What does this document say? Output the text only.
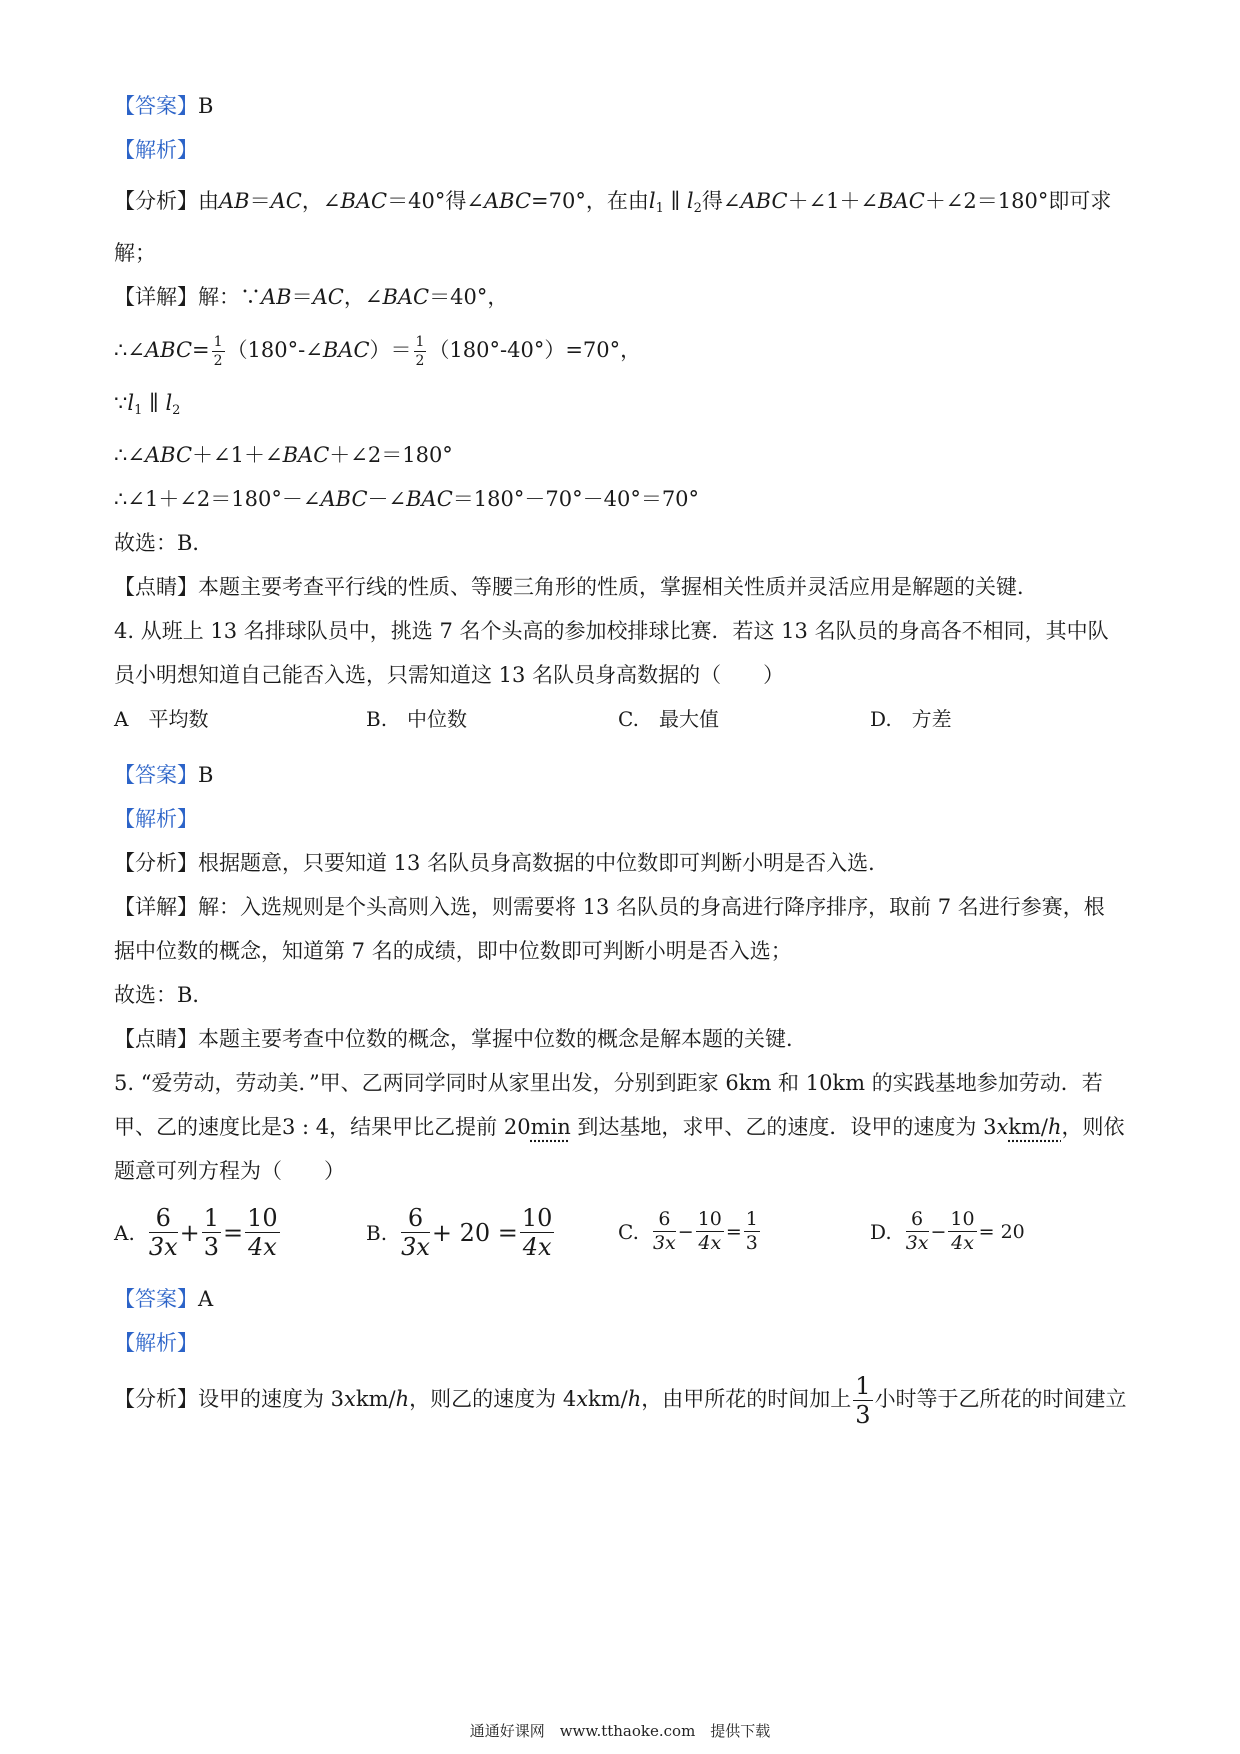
【答案】B
【解析】
【分析】由AB＝AC，∠BAC＝40°得∠ABC=70°，在由$l_1$ ∥ $l_2$得∠ABC＋∠1＋∠BAC＋∠2＝180°即可求
解；
【详解】解：∵AB＝AC，∠BAC＝40°，
∴∠ABC= $\frac{1}{2}$ （180°-∠BAC）＝ $\frac{1}{2} (180^\circ-40^\circ)=70^\circ$，
$\because l_1$ ∥ $l_2$
∴∠ABC＋∠1＋∠BAC＋∠2＝180°
∴∠1＋∠2＝180°－∠ABC－∠BAC＝180°－70°－40°＝70°
故选：B．
【点睛】本题主要考查平行线的性质、等腰三角形的性质，掌握相关性质并灵活应用是解题的关键．
4. 从班上 13 名排球队员中，挑选 7 名个头高的参加校排球比赛．若这 13 名队员的身高各不相同，其中队
员小明想知道自己能否入选，只需知道这 13 名队员身高数据的（　　）
A　平均数	B.　中位数	C.　最大值	D.　方差
【答案】B
【解析】
【分析】根据题意，只要知道 13 名队员身高数据的中位数即可判断小明是否入选．
【详解】解：入选规则是个头高则入选，则需要将 13 名队员的身高进行降序排序，取前 7 名进行参赛，根
据中位数的概念，知道第 7 名的成绩，即中位数即可判断小明是否入选；
故选：B．
【点睛】本题主要考查中位数的概念，掌握中位数的概念是解本题的关键．
5. “爱劳动，劳动美．”甲、乙两同学同时从家里出发，分别到距家 6km 和 10km 的实践基地参加劳动．若
甲、乙的速度比是3 : 4，结果甲比乙提前 20min 到达基地，求甲、乙的速度．设甲的速度为 3xkm/h，则依
题意可列方程为（　　）
A. $\frac{6}{3x} + \frac{1}{3} = \frac{10}{4x}$	B. $\frac{6}{3x} + 20 = \frac{10}{4x}$	C. $\frac{6}{3x} - \frac{10}{4x} = \frac{1}{3}$	D. $\frac{6}{3x} - \frac{10}{4x} = 20$
【答案】A
【解析】
【分析】设甲的速度为 3xkm/h，则乙的速度为 4xkm/h，由甲所花的时间加上 $\frac{1}{3}$ 小时等于乙所花的时间建立
通通好课网　www.tthaoke.com　提供下载
